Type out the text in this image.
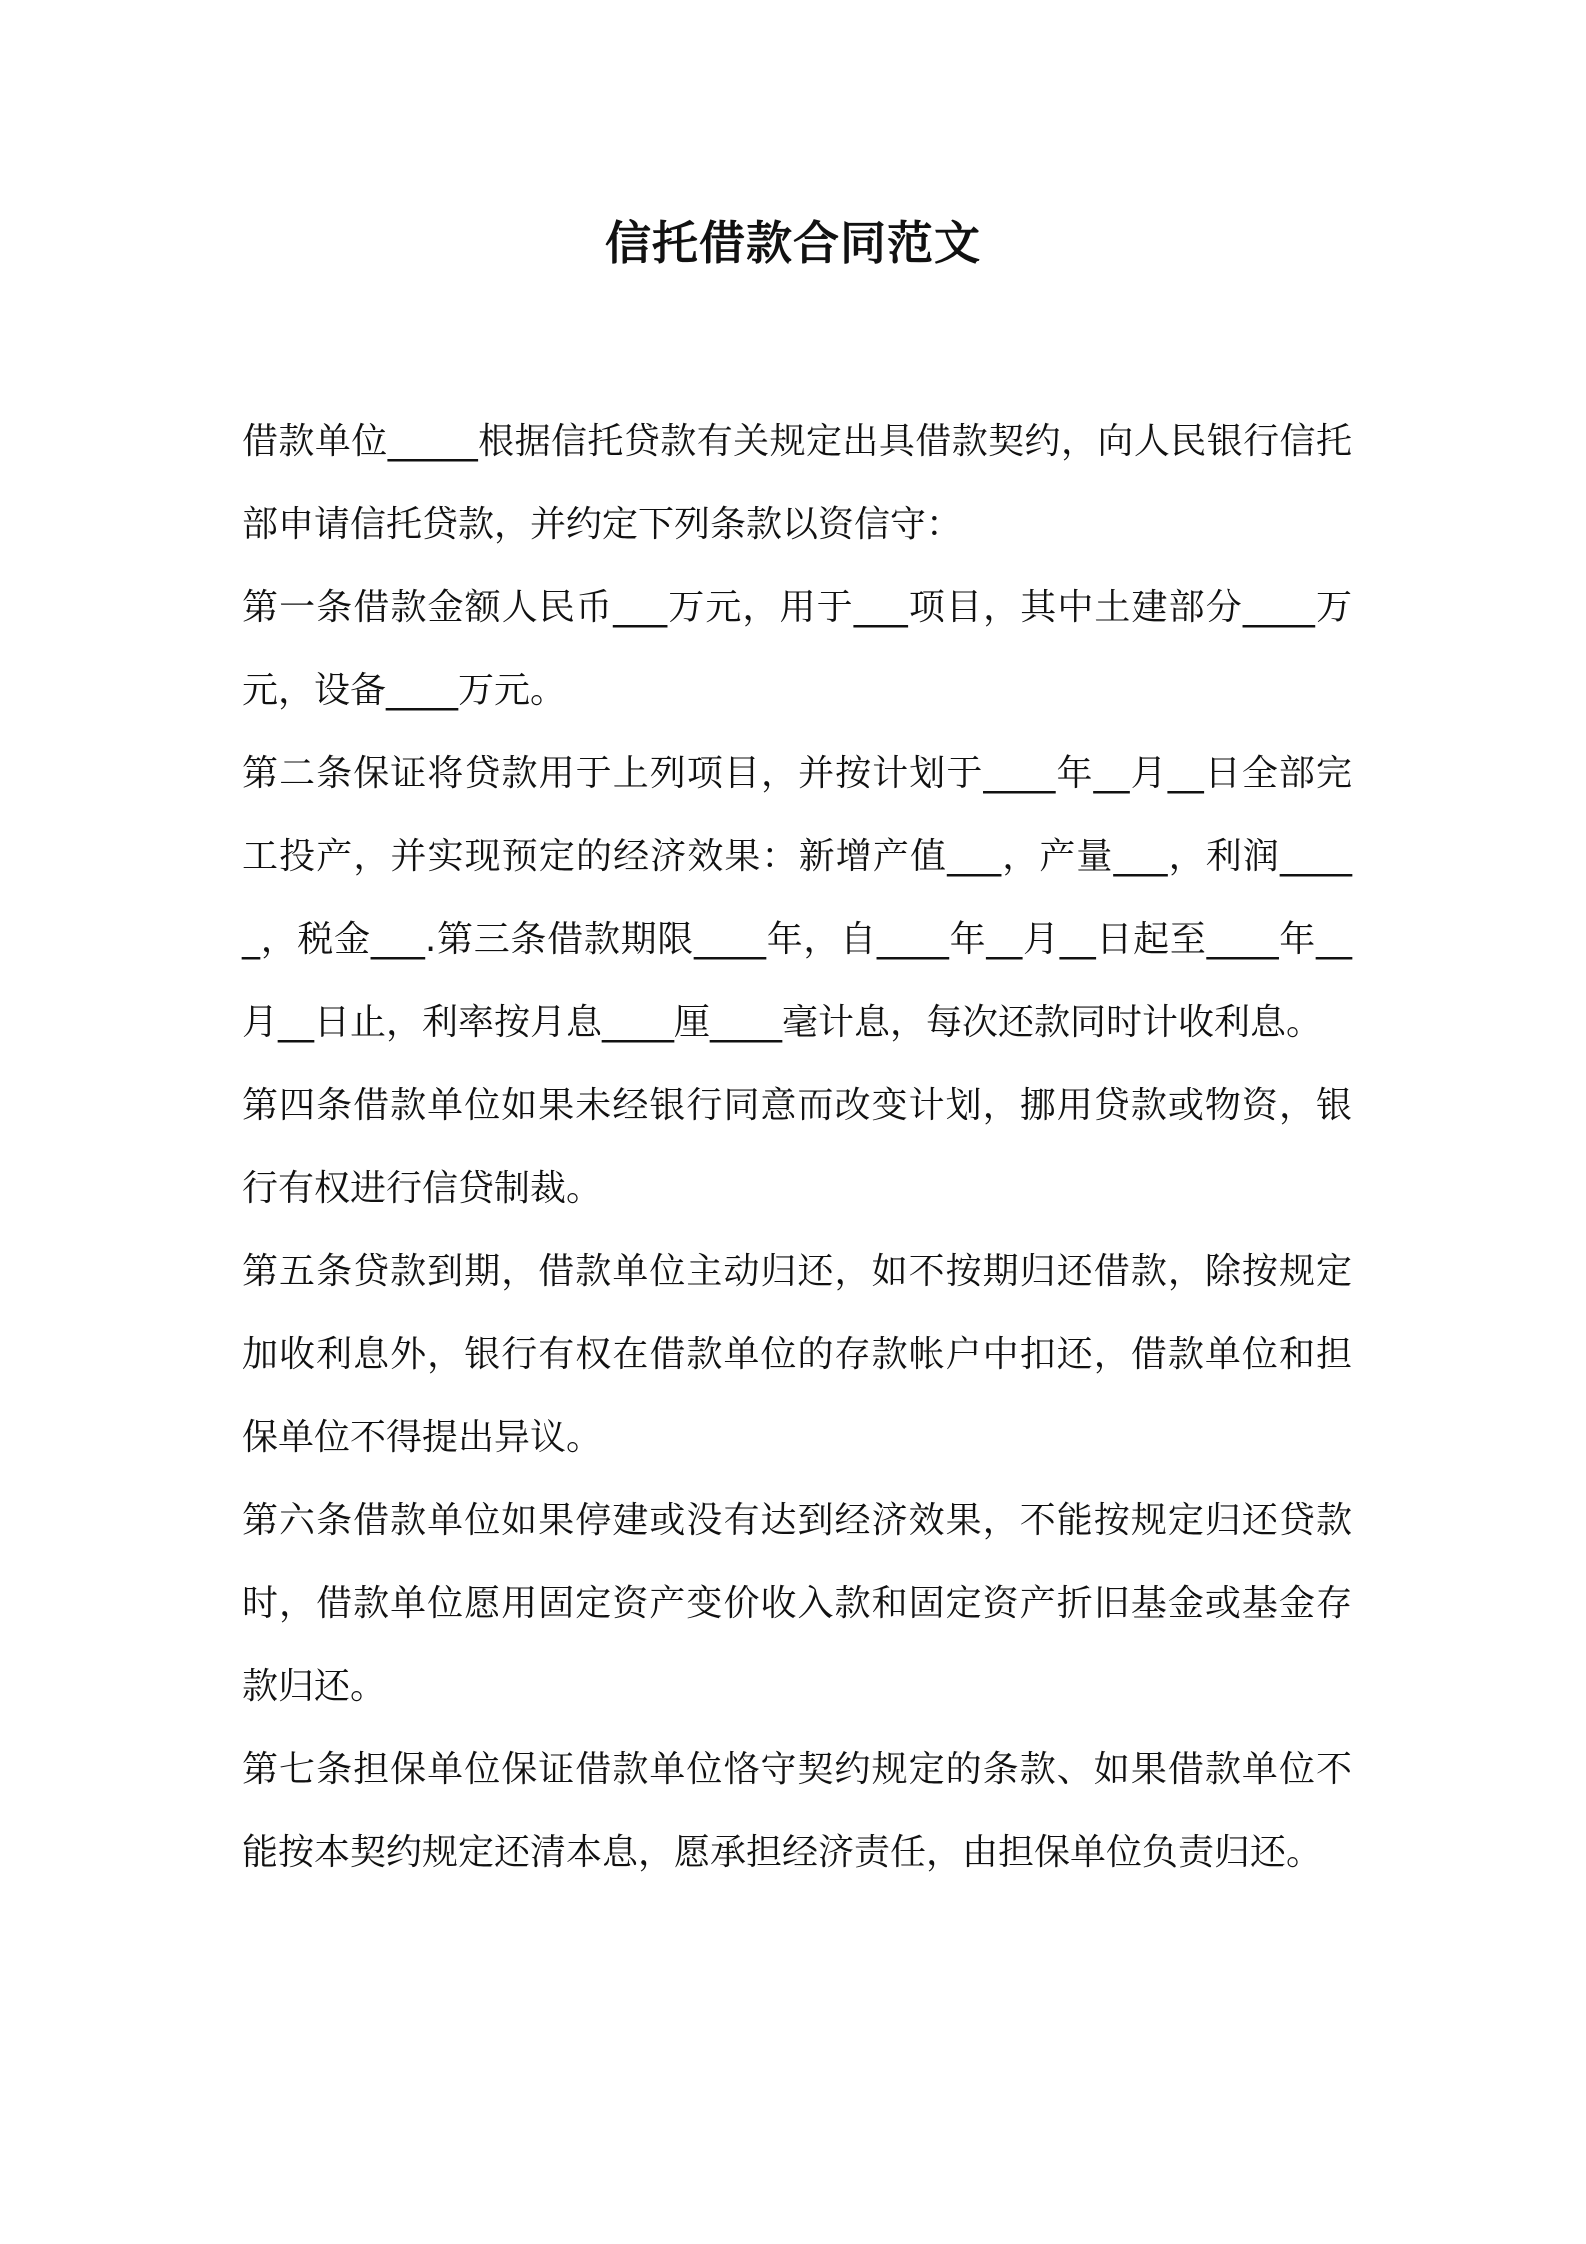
信托借款合同范文

借款单位_____根据信托贷款有关规定出具借款契约，向人民银行信托部申请信托贷款，并约定下列条款以资信守：

第一条借款金额人民币___万元，用于___项目，其中土建部分____万元，设备____万元。

第二条保证将贷款用于上列项目，并按计划于____年__月__日全部完工投产，并实现预定的经济效果：新增产值___，产量___，利润_____，税金___.第三条借款期限____年，自____年__月__日起至____年__月__日止，利率按月息____厘____毫计息，每次还款同时计收利息。

第四条借款单位如果未经银行同意而改变计划，挪用贷款或物资，银行有权进行信贷制裁。

第五条贷款到期，借款单位主动归还，如不按期归还借款，除按规定加收利息外，银行有权在借款单位的存款帐户中扣还，借款单位和担保单位不得提出异议。

第六条借款单位如果停建或没有达到经济效果，不能按规定归还贷款时，借款单位愿用固定资产变价收入款和固定资产折旧基金或基金存款归还。

第七条担保单位保证借款单位恪守契约规定的条款、如果借款单位不能按本契约规定还清本息，愿承担经济责任，由担保单位负责归还。
